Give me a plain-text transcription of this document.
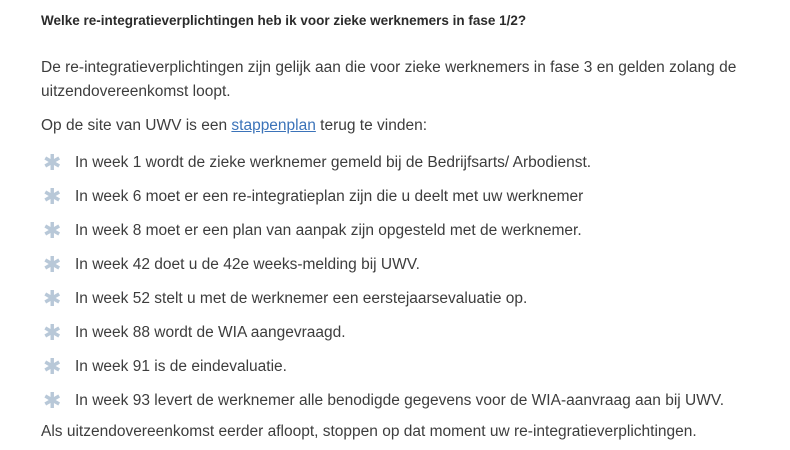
Welke re-integratieverplichtingen heb ik voor zieke werknemers in fase 1/2?
De re-integratieverplichtingen zijn gelijk aan die voor zieke werknemers in fase 3 en gelden zolang de uitzendovereenkomst loopt.
Op de site van UWV is een stappenplan terug te vinden:
✱ In week 1 wordt de zieke werknemer gemeld bij de Bedrijfsarts/ Arbodienst.
✱ In week 6 moet er een re-integratieplan zijn die u deelt met uw werknemer
✱ In week 8 moet er een plan van aanpak zijn opgesteld met de werknemer.
✱ In week 42 doet u de 42e weeks-melding bij UWV.
✱ In week 52 stelt u met de werknemer een eerstejaarsevaluatie op.
✱ In week 88 wordt de WIA aangevraagd.
✱ In week 91 is de eindevaluatie.
✱ In week 93 levert de werknemer alle benodigde gegevens voor de WIA-aanvraag aan bij UWV.
Als uitzendovereenkomst eerder afloopt, stoppen op dat moment uw re-integratieverplichtingen.
